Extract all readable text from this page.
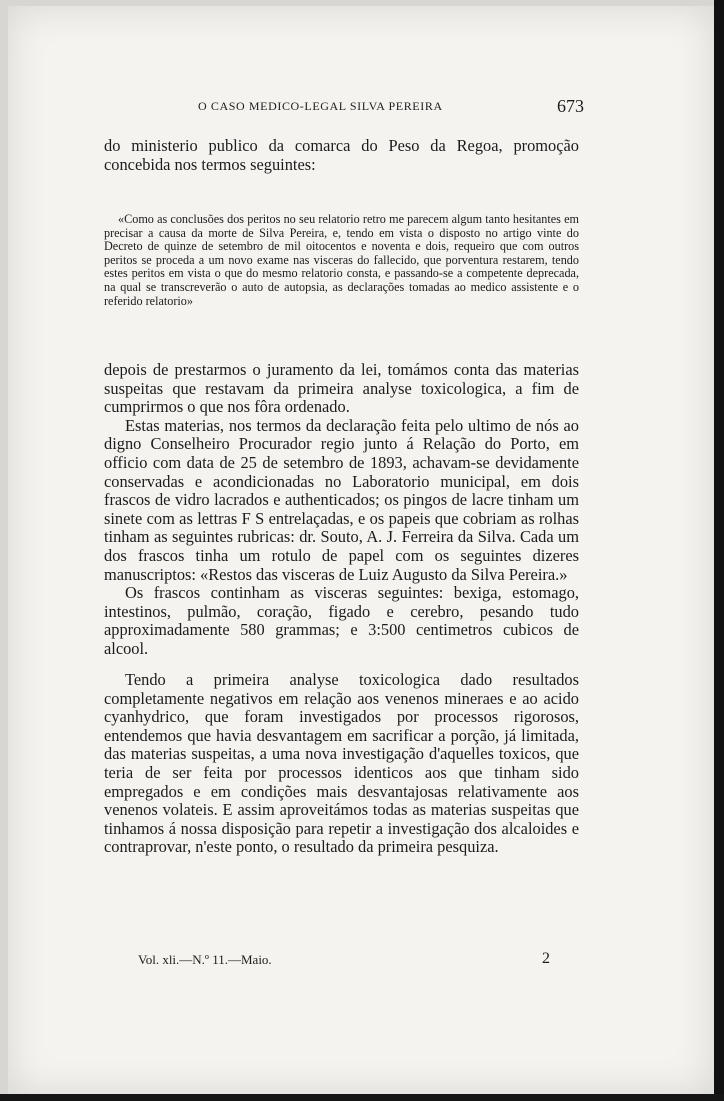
O CASO MEDICO-LEGAL SILVA PEREIRA	673

do ministerio publico da comarca do Peso da Regoa, promoção concebida nos termos seguintes:

«Como as conclusões dos peritos no seu relatorio retro me parecem algum tanto hesitantes em precisar a causa da morte de Silva Pereira, e, tendo em vista o disposto no artigo vinte do Decreto de quinze de setembro de mil oitocentos e noventa e dois, requeiro que com outros peritos se proceda a um novo exame nas visceras do fallecido, que porventura restarem, tendo estes peritos em vista o que do mesmo relatorio consta, e passando-se a competente deprecada, na qual se transcreverão o auto de autopsia, as declarações tomadas ao medico assistente e o referido relatorio»

depois de prestarmos o juramento da lei, tomámos conta das materias suspeitas que restavam da primeira analyse toxicologica, a fim de cumprirmos o que nos fôra ordenado.

Estas materias, nos termos da declaração feita pelo ultimo de nós ao digno Conselheiro Procurador regio junto á Relação do Porto, em officio com data de 25 de setembro de 1893, achavam-se devidamente conservadas e acondicionadas no Laboratorio municipal, em dois frascos de vidro lacrados e authenticados; os pingos de lacre tinham um sinete com as lettras F S entrelaçadas, e os papeis que cobriam as rolhas tinham as seguintes rubricas: dr. Souto, A. J. Ferreira da Silva. Cada um dos frascos tinha um rotulo de papel com os seguintes dizeres manuscriptos: «Restos das visceras de Luiz Augusto da Silva Pereira.»

Os frascos continham as visceras seguintes: bexiga, estomago, intestinos, pulmão, coração, figado e cerebro, pesando tudo approximadamente 580 grammas; e 3:500 centimetros cubicos de alcool.

Tendo a primeira analyse toxicologica dado resultados completamente negativos em relação aos venenos mineraes e ao acido cyanhydrico, que foram investigados por processos rigorosos, entendemos que havia desvantagem em sacrificar a porção, já limitada, das materias suspeitas, a uma nova investigação d'aquelles toxicos, que teria de ser feita por processos identicos aos que tinham sido empregados e em condições mais desvantajosas relativamente aos venenos volateis. E assim aproveitámos todas as materias suspeitas que tinhamos á nossa disposição para repetir a investigação dos alcaloides e contraprovar, n'este ponto, o resultado da primeira pesquiza.

Vol. xli.—N.º 11.—Maio.	2
